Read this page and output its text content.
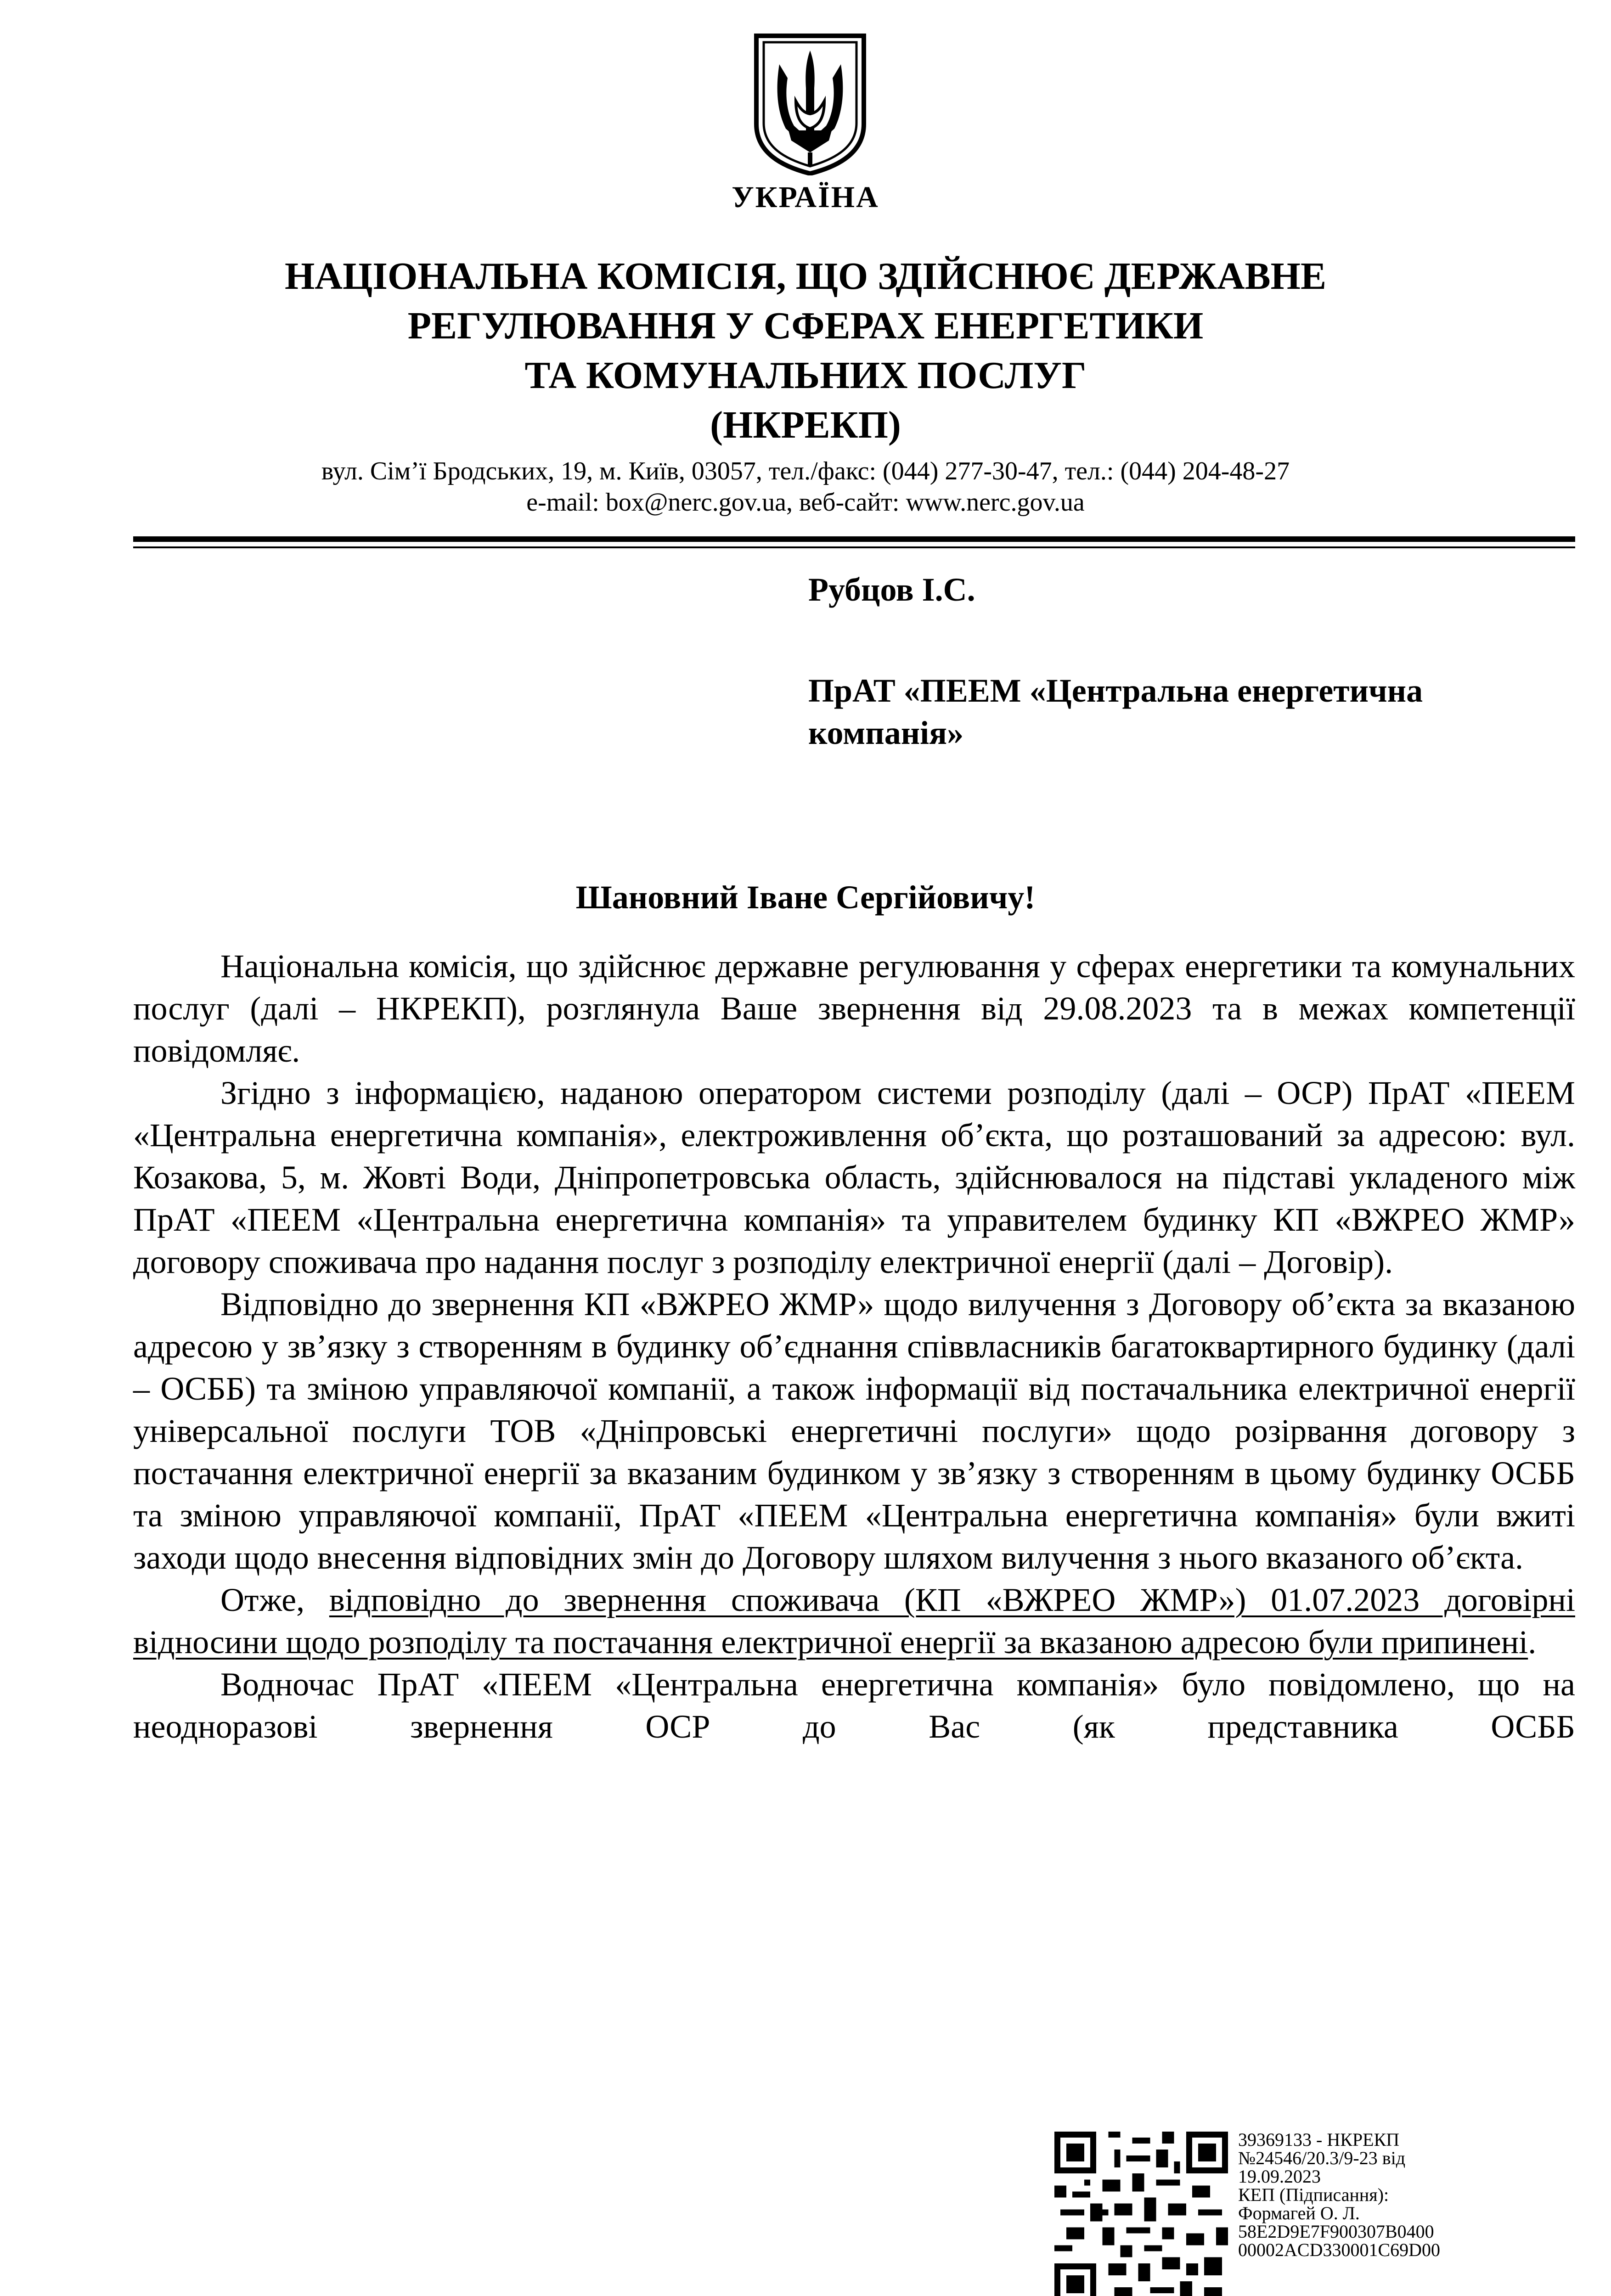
УКРАЇНА
НАЦІОНАЛЬНА КОМІСІЯ, ЩО ЗДІЙСНЮЄ ДЕРЖАВНЕ
РЕГУЛЮВАННЯ У СФЕРАХ ЕНЕРГЕТИКИ
ТА КОМУНАЛЬНИХ ПОСЛУГ
(НКРЕКП)
вул. Сім’ї Бродських, 19, м. Київ, 03057, тел./факс: (044) 277-30-47, тел.: (044) 204-48-27
e-mail: box@nerc.gov.ua, веб-сайт: www.nerc.gov.ua
Рубцов І.С.
ПрАТ «ПЕЕМ «Центральна енергетична
компанія»
Шановний Іване Сергійовичу!

Національна комісія, що здійснює державне регулювання у сферах енергетики та комунальних послуг (далі – НКРЕКП), розглянула Ваше звернення від 29.08.2023 та в межах компетенції повідомляє.

Згідно з інформацією, наданою оператором системи розподілу (далі – ОСР) ПрАТ «ПЕЕМ «Центральна енергетична компанія», електроживлення об’єкта, що розташований за адресою: вул. Козакова, 5, м. Жовті Води, Дніпропетровська область, здійснювалося на підставі укладеного між ПрАТ «ПЕЕМ «Центральна енергетична компанія» та управителем будинку КП «ВЖРЕО ЖМР» договору споживача про надання послуг з розподілу електричної енергії (далі – Договір).

Відповідно до звернення КП «ВЖРЕО ЖМР» щодо вилучення з Договору об’єкта за вказаною адресою у зв’язку з створенням в будинку об’єднання співвласників багатоквартирного будинку (далі – ОСББ) та зміною управляючої компанії, а також інформації від постачальника електричної енергії універсальної послуги ТОВ «Дніпровські енергетичні послуги» щодо розірвання договору з постачання електричної енергії за вказаним будинком у зв’язку з створенням в цьому будинку ОСББ та зміною управляючої компанії, ПрАТ «ПЕЕМ «Центральна енергетична компанія» були вжиті заходи щодо внесення відповідних змін до Договору шляхом вилучення з нього вказаного об’єкта.

Отже, відповідно до звернення споживача (КП «ВЖРЕО ЖМР») 01.07.2023 договірні відносини щодо розподілу та постачання електричної енергії за вказаною адресою були припинені.

Водночас ПрАТ «ПЕЕМ «Центральна енергетична компанія» було повідомлено, що на неодноразові звернення ОСР до Вас (як представника ОСББ

39369133 - НКРЕКП
№24546/20.3/9-23 від
19.09.2023
КЕП (Підписання):
Формагей О. Л.
58E2D9E7F900307B0400
00002ACD330001C69D00
